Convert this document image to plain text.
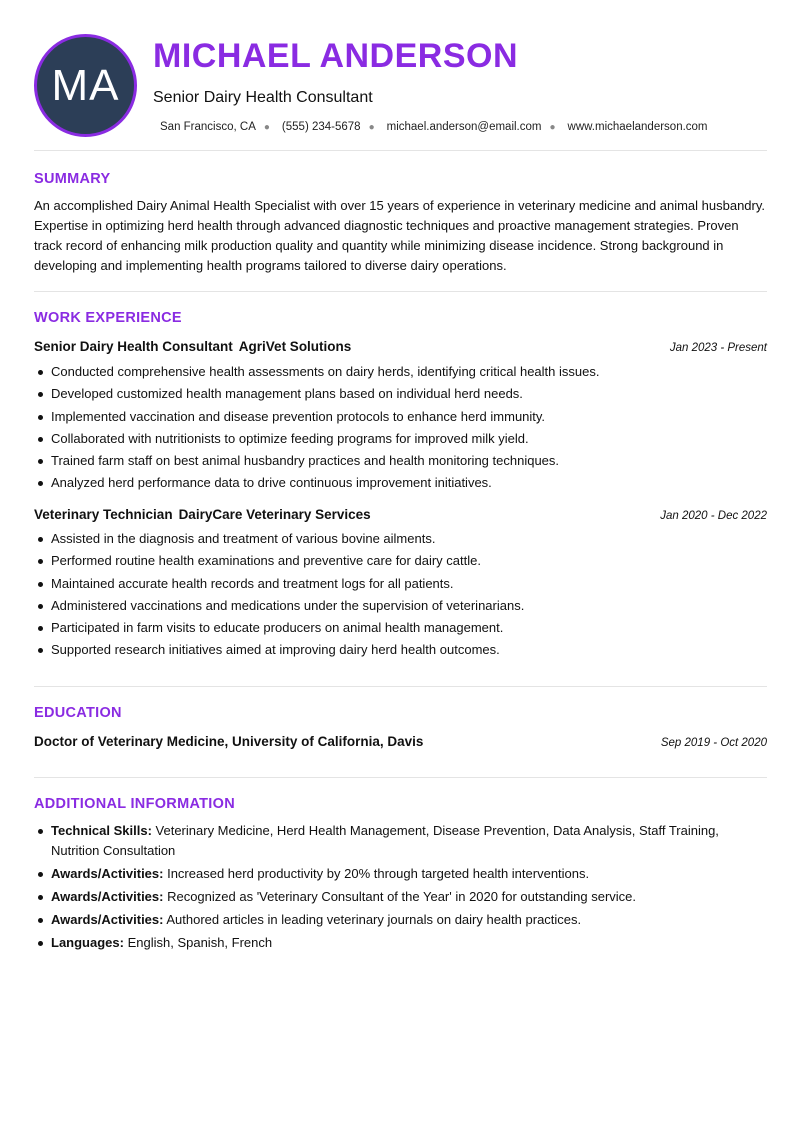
MA
MICHAEL ANDERSON
Senior Dairy Health Consultant
San Francisco, CA ● (555) 234-5678 ● michael.anderson@email.com ● www.michaelanderson.com
SUMMARY
An accomplished Dairy Animal Health Specialist with over 15 years of experience in veterinary medicine and animal husbandry. Expertise in optimizing herd health through advanced diagnostic techniques and proactive management strategies. Proven track record of enhancing milk production quality and quantity while minimizing disease incidence. Strong background in developing and implementing health programs tailored to diverse dairy operations.
WORK EXPERIENCE
Senior Dairy Health Consultant AgriVet Solutions	Jan 2023 - Present
Conducted comprehensive health assessments on dairy herds, identifying critical health issues.
Developed customized health management plans based on individual herd needs.
Implemented vaccination and disease prevention protocols to enhance herd immunity.
Collaborated with nutritionists to optimize feeding programs for improved milk yield.
Trained farm staff on best animal husbandry practices and health monitoring techniques.
Analyzed herd performance data to drive continuous improvement initiatives.
Veterinary Technician DairyCare Veterinary Services	Jan 2020 - Dec 2022
Assisted in the diagnosis and treatment of various bovine ailments.
Performed routine health examinations and preventive care for dairy cattle.
Maintained accurate health records and treatment logs for all patients.
Administered vaccinations and medications under the supervision of veterinarians.
Participated in farm visits to educate producers on animal health management.
Supported research initiatives aimed at improving dairy herd health outcomes.
EDUCATION
Doctor of Veterinary Medicine, University of California, Davis	Sep 2019 - Oct 2020
ADDITIONAL INFORMATION
Technical Skills: Veterinary Medicine, Herd Health Management, Disease Prevention, Data Analysis, Staff Training, Nutrition Consultation
Awards/Activities: Increased herd productivity by 20% through targeted health interventions.
Awards/Activities: Recognized as 'Veterinary Consultant of the Year' in 2020 for outstanding service.
Awards/Activities: Authored articles in leading veterinary journals on dairy health practices.
Languages: English, Spanish, French
